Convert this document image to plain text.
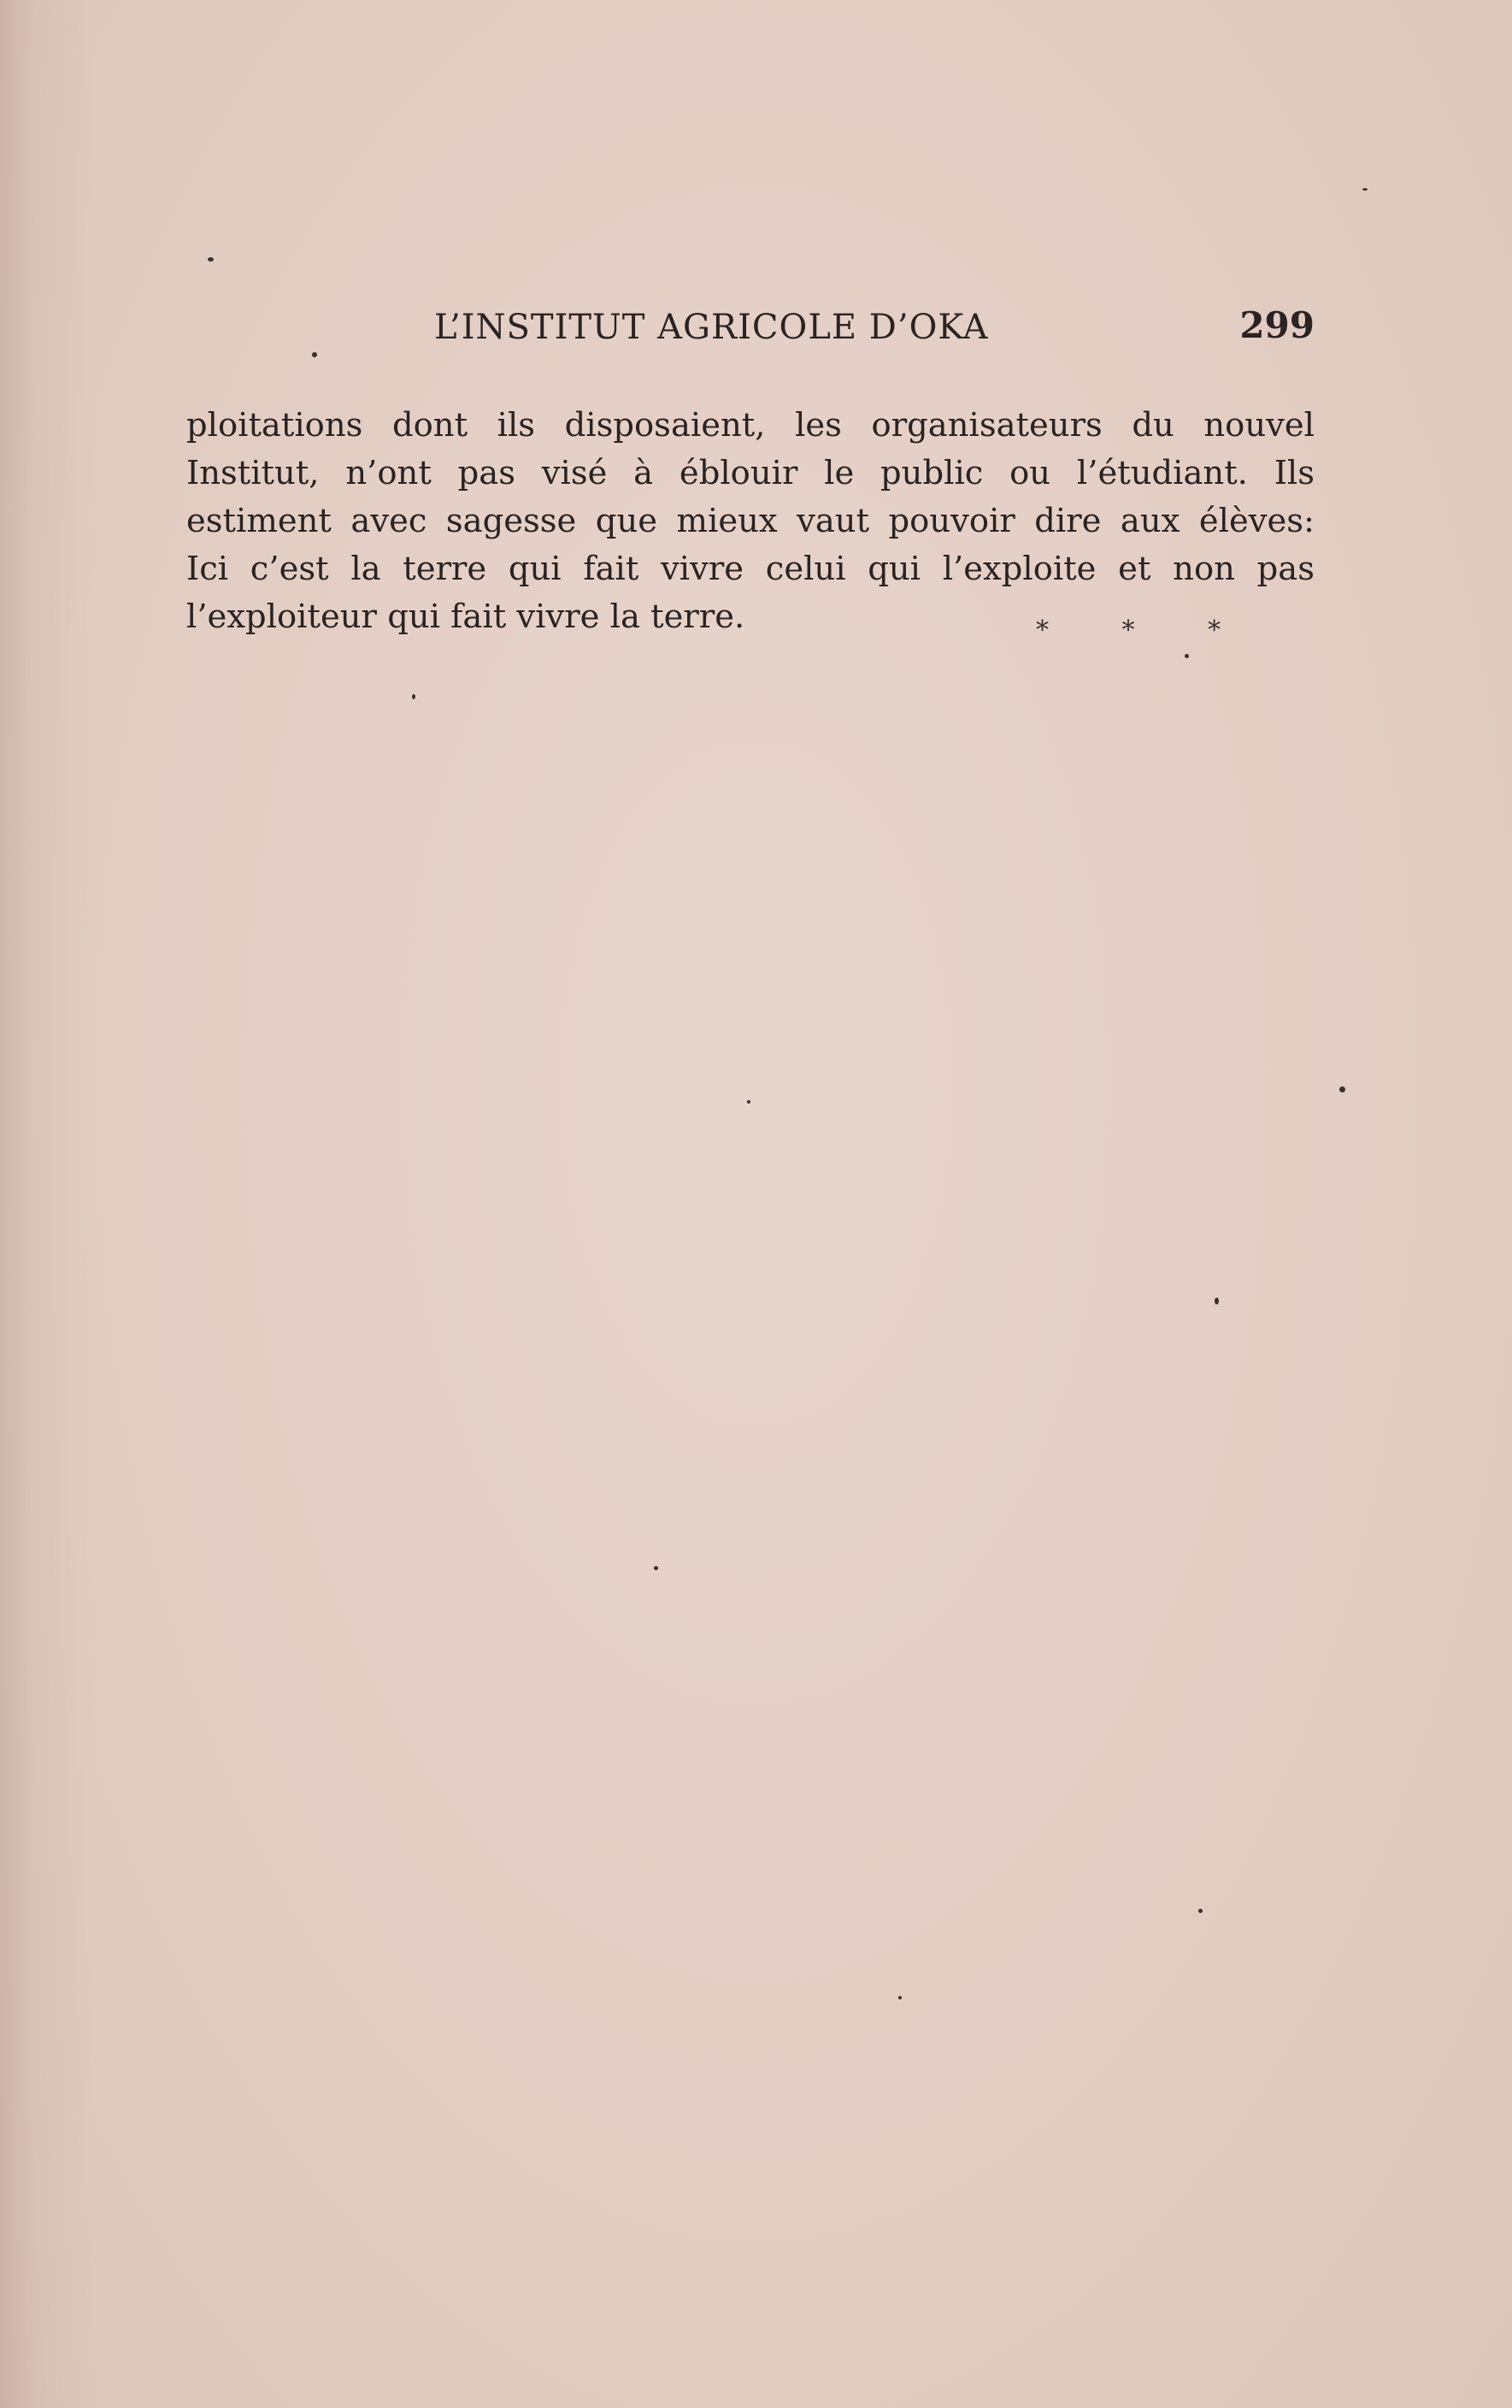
L’INSTITUT AGRICOLE D’OKA	299
ploitations dont ils disposaient, les organisateurs du nouvel
Institut, n’ont pas visé à éblouir le public ou l’étudiant. Ils
estiment avec sagesse que mieux vaut pouvoir dire aux élèves:
Ici c’est la terre qui fait vivre celui qui l’exploite et non pas
l’exploiteur qui fait vivre la terre.	* * *
